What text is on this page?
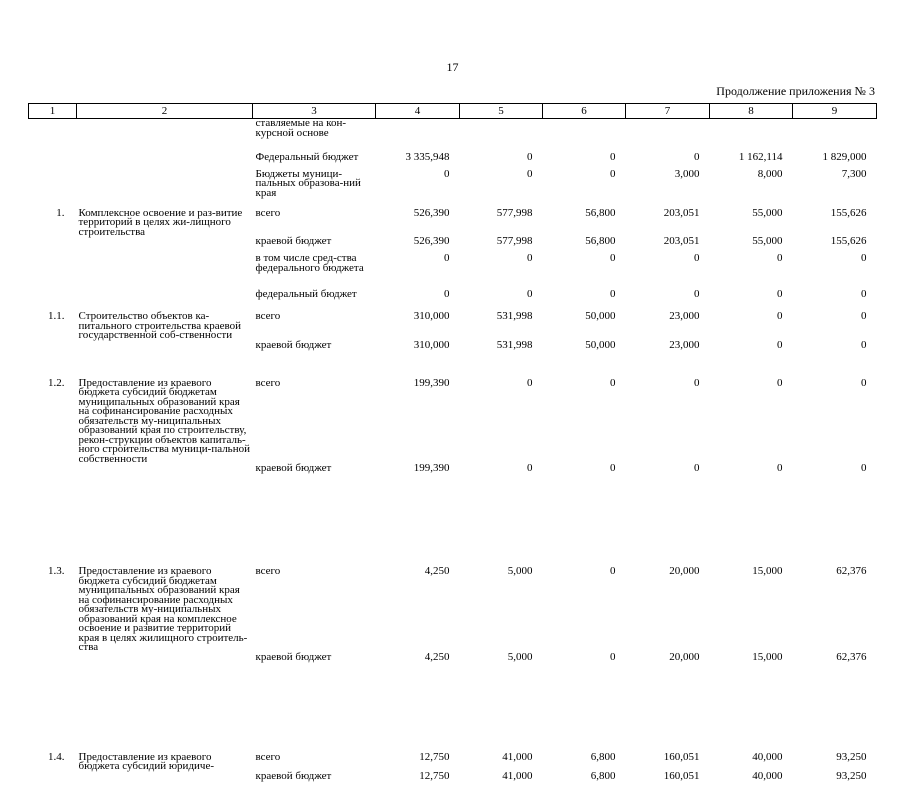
17
Продолжение приложения № 3
1	2	3	4	5	6	7	8	9
		ставляемые на кон-курсной основе						
		Федеральный бюджет	3 335,948	0	0	0	1 162,114	1 829,000
		Бюджеты муници-пальных образова-ний края	0	0	0	3,000	8,000	7,300

1.	Комплексное освоение и раз-витие территорий в целях жи-лищного строительства	всего	526,390	577,998	56,800	203,051	55,000	155,626
		краевой бюджет	526,390	577,998	56,800	203,051	55,000	155,626
		в том числе сред-ства федерального бюджета	0	0	0	0	0	0
		федеральный бюджет	0	0	0	0	0	0

1.1.	Строительство объектов ка-питального строительства краевой государственной соб-ственности	всего	310,000	531,998	50,000	23,000	0	0
		краевой бюджет	310,000	531,998	50,000	23,000	0	0

1.2.	Предоставление из краевого бюджета субсидий бюджетам муниципальных образований края на софинансирование расходных обязательств му-ниципальных образований края по строительству, рекон-струкции объектов капиталь-ного строительства муници-пальной собственности	всего	199,390	0	0	0	0	0
		краевой бюджет	199,390	0	0	0	0	0

1.3.	Предоставление из краевого бюджета субсидий бюджетам муниципальных образований края на софинансирование расходных обязательств му-ниципальных образований края на комплексное освоение и развитие территорий края в целях жилищного строитель-ства	всего	4,250	5,000	0	20,000	15,000	62,376
		краевой бюджет	4,250	5,000	0	20,000	15,000	62,376

1.4.	Предоставление из краевого бюджета субсидий юридиче-	всего	12,750	41,000	6,800	160,051	40,000	93,250
		краевой бюджет	12,750	41,000	6,800	160,051	40,000	93,250
